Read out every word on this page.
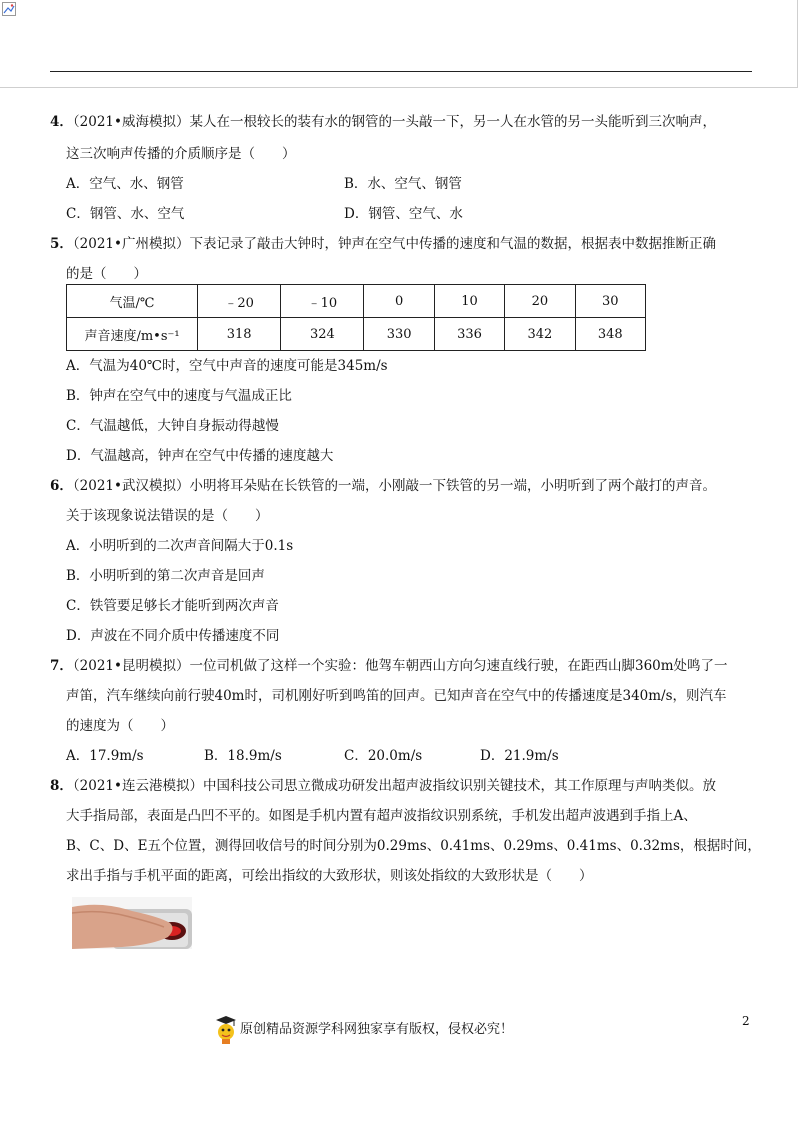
4．（2021•威海模拟）某人在一根较长的装有水的钢管的一头敲一下，另一人在水管的另一头能听到三次响声，
这三次响声传播的介质顺序是（　　）
A．空气、水、钢管	B．水、空气、钢管
C．钢管、水、空气	D．钢管、空气、水
5．（2021•广州模拟）下表记录了敲击大钟时，钟声在空气中传播的速度和气温的数据，根据表中数据推断正确
的是（　　）
气温/℃	﹣20	﹣10	0	10	20	30
声音速度/m•s⁻¹	318	324	330	336	342	348
A．气温为40℃时，空气中声音的速度可能是345m/s
B．钟声在空气中的速度与气温成正比
C．气温越低，大钟自身振动得越慢
D．气温越高，钟声在空气中传播的速度越大
6．（2021•武汉模拟）小明将耳朵贴在长铁管的一端，小刚敲一下铁管的另一端，小明听到了两个敲打的声音。
关于该现象说法错误的是（　　）
A．小明听到的二次声音间隔大于0.1s
B．小明听到的第二次声音是回声
C．铁管要足够长才能听到两次声音
D．声波在不同介质中传播速度不同
7．（2021•昆明模拟）一位司机做了这样一个实验：他驾车朝西山方向匀速直线行驶，在距西山脚360m处鸣了一
声笛，汽车继续向前行驶40m时，司机刚好听到鸣笛的回声。已知声音在空气中的传播速度是340m/s，则汽车
的速度为（　　）
A．17.9m/s	B．18.9m/s	C．20.0m/s	D．21.9m/s
8．（2021•连云港模拟）中国科技公司思立微成功研发出超声波指纹识别关键技术，其工作原理与声呐类似。放
大手指局部，表面是凸凹不平的。如图是手机内置有超声波指纹识别系统，手机发出超声波遇到手指上A、
B、C、D、E五个位置，测得回收信号的时间分别为0.29ms、0.41ms、0.29ms、0.41ms、0.32ms，根据时间，
求出手指与手机平面的距离，可绘出指纹的大致形状，则该处指纹的大致形状是（　　）
2
原创精品资源学科网独家享有版权，侵权必究！
